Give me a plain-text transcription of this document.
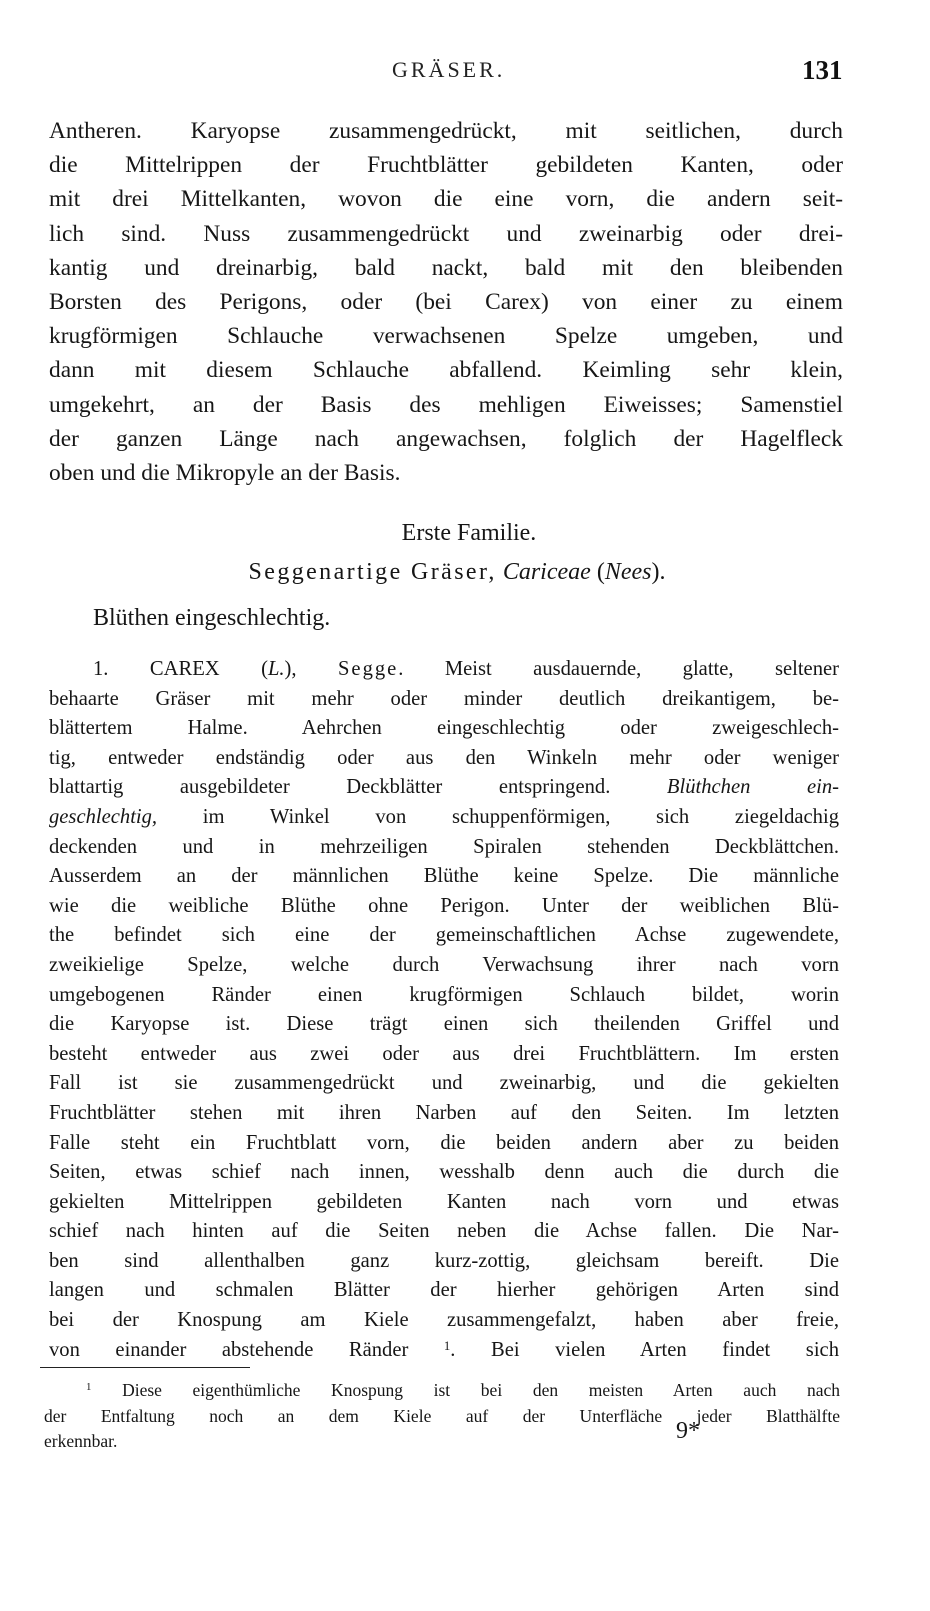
GRÄSER.	131
Antheren. Karyopse zusammengedrückt, mit seitlichen, durch
die Mittelrippen der Fruchtblätter gebildeten Kanten, oder
mit drei Mittelkanten, wovon die eine vorn, die andern seit-
lich sind. Nuss zusammengedrückt und zweinarbig oder drei-
kantig und dreinarbig, bald nackt, bald mit den bleibenden
Borsten des Perigons, oder (bei Carex) von einer zu einem
krugförmigen Schlauche verwachsenen Spelze umgeben, und
dann mit diesem Schlauche abfallend. Keimling sehr klein,
umgekehrt, an der Basis des mehligen Eiweisses; Samenstiel
der ganzen Länge nach angewachsen, folglich der Hagelfleck
oben und die Mikropyle an der Basis.
Erste Familie.
Seggenartige Gräser, Cariceae (Nees).
Blüthen eingeschlechtig.
1. CAREX (L.), Segge. Meist ausdauernde, glatte, seltener
behaarte Gräser mit mehr oder minder deutlich dreikantigem, be-
blättertem Halme. Aehrchen eingeschlechtig oder zweigeschlech-
tig, entweder endständig oder aus den Winkeln mehr oder weniger
blattartig ausgebildeter Deckblätter entspringend.	Blüthchen ein-
geschlechtig, im Winkel von schuppenförmigen, sich ziegeldachig
deckenden und in mehrzeiligen Spiralen stehenden Deckblättchen.
Ausserdem an der männlichen Blüthe keine Spelze. Die männliche
wie die weibliche Blüthe ohne Perigon. Unter der weiblichen Blü-
the befindet sich eine der gemeinschaftlichen Achse zugewendete,
zweikielige Spelze, welche durch Verwachsung ihrer nach vorn
umgebogenen Ränder einen krugförmigen Schlauch bildet, worin
die Karyopse ist. Diese trägt einen sich theilenden Griffel und
besteht entweder aus zwei oder aus drei Fruchtblättern. Im ersten
Fall ist sie zusammengedrückt und zweinarbig, und die gekielten
Fruchtblätter stehen mit ihren Narben auf den Seiten. Im letzten
Falle steht ein Fruchtblatt vorn, die beiden andern aber zu beiden
Seiten, etwas schief nach innen, wesshalb denn auch die durch die
gekielten Mittelrippen gebildeten Kanten nach vorn und etwas
schief nach hinten auf die Seiten neben die Achse fallen. Die Nar-
ben sind allenthalben ganz kurz-zottig, gleichsam bereift. Die
langen und schmalen Blätter der hierher gehörigen Arten sind
bei der Knospung am Kiele zusammengefalzt, haben aber freie,
von einander abstehende Ränder	$^1$. Bei vielen Arten findet sich
$^1$ Diese eigenthümliche Knospung ist bei den meisten Arten auch nach
der Entfaltung noch an dem Kiele auf der Unterfläche jeder Blatthälfte
erkennbar.	9*
